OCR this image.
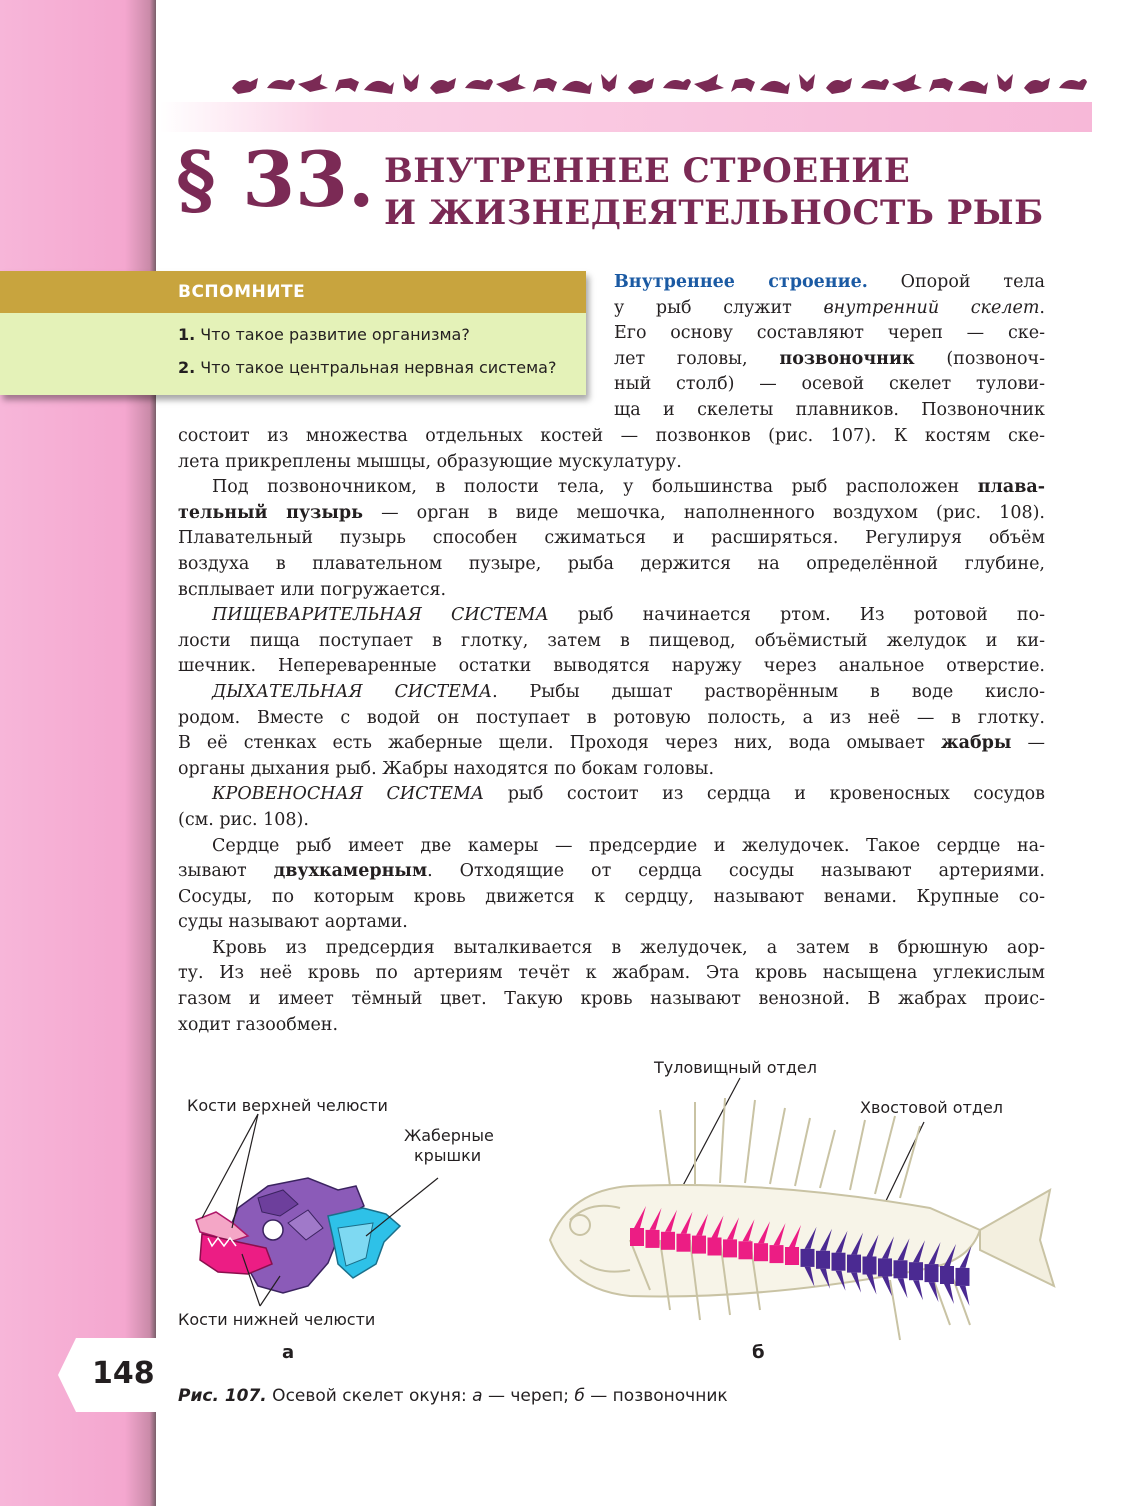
§ 33. ВНУТРЕННЕЕ СТРОЕНИЕ
И ЖИЗНЕДЕЯТЕЛЬНОСТЬ РЫБ
ВСПОМНИТЕ
1. Что такое развитие организма?
2. Что такое центральная нервная система?
Внутреннее строение. Опорой тела
у рыб служит внутренний скелет.
Его основу составляют череп — ске-
лет головы, позвоночник (позвоноч-
ный столб) — осевой скелет тулови-
ща и скелеты плавников. Позвоночник
состоит из множества отдельных костей — позвонков (рис. 107). К костям ске-
лета прикреплены мышцы, образующие мускулатуру.
Под позвоночником, в полости тела, у большинства рыб расположен плава-
тельный пузырь — орган в виде мешочка, наполненного воздухом (рис. 108).
Плавательный пузырь способен сжиматься и расширяться. Регулируя объём
воздуха в плавательном пузыре, рыба держится на определённой глубине,
всплывает или погружается.
ПИЩЕВАРИТЕЛЬНАЯ СИСТЕМА рыб начинается ртом. Из ротовой по-
лости пища поступает в глотку, затем в пищевод, объёмистый желудок и ки-
шечник. Непереваренные остатки выводятся наружу через анальное отверстие.
ДЫХАТЕЛЬНАЯ СИСТЕМА. Рыбы дышат растворённым в воде кисло-
родом. Вместе с водой он поступает в ротовую полость, а из неё — в глотку.
В её стенках есть жаберные щели. Проходя через них, вода омывает жабры —
органы дыхания рыб. Жабры находятся по бокам головы.
КРОВЕНОСНАЯ СИСТЕМА рыб состоит из сердца и кровеносных сосудов
(см. рис. 108).
Сердце рыб имеет две камеры — предсердие и желудочек. Такое сердце на-
зывают двухкамерным. Отходящие от сердца сосуды называют артериями.
Сосуды, по которым кровь движется к сердцу, называют венами. Крупные со-
суды называют аортами.
Кровь из предсердия выталкивается в желудочек, а затем в брюшную аор-
ту. Из неё кровь по артериям течёт к жабрам. Эта кровь насыщена углекислым
газом и имеет тёмный цвет. Такую кровь называют венозной. В жабрах проис-
ходит газообмен.
Кости верхней челюсти
Жаберные
крышки
Кости нижней челюсти
а
Туловищный отдел
Хвостовой отдел
б
Рис. 107. Осевой скелет окуня: а — череп; б — позвоночник
148
